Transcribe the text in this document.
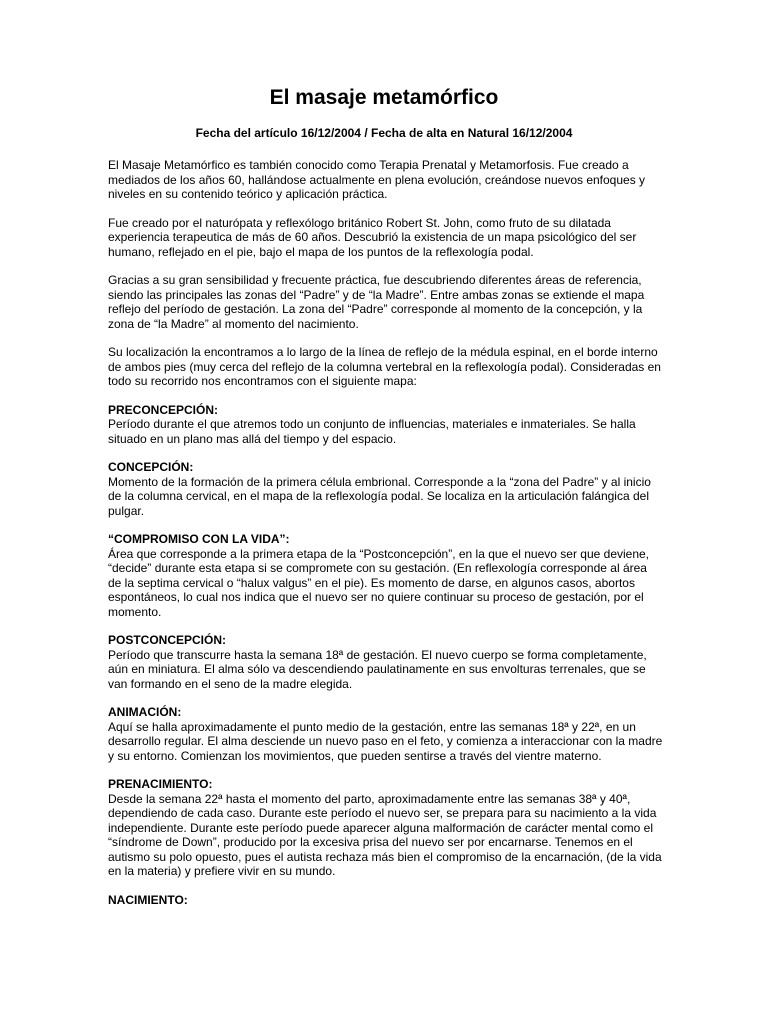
El masaje metamórfico
Fecha del artículo 16/12/2004 / Fecha de alta en Natural 16/12/2004

El Masaje Metamórfico es también conocido como Terapia Prenatal y Metamorfosis. Fue creado a mediados de los años 60, hallándose actualmente en plena evolución, creándose nuevos enfoques y niveles en su contenido teórico y aplicación práctica.

Fue creado por el naturópata y reflexólogo británico Robert St. John, como fruto de su dilatada experiencia terapeutica de más de 60 años. Descubrió la existencia de un mapa psicológico del ser humano, reflejado en el pie, bajo el mapa de los puntos de la reflexología podal.

Gracias a su gran sensibilidad y frecuente práctica, fue descubriendo diferentes áreas de referencia, siendo las principales las zonas del “Padre” y de “la Madre”. Entre ambas zonas se extiende el mapa reflejo del período de gestación. La zona del “Padre” corresponde al momento de la concepción, y la zona de “la Madre” al momento del nacimiento.

Su localización la encontramos a lo largo de la línea de reflejo de la médula espinal, en el borde interno de ambos pies (muy cerca del reflejo de la columna vertebral en la reflexología podal). Consideradas en todo su recorrido nos encontramos con el siguiente mapa:

PRECONCEPCIÓN:

Período durante el que atremos todo un conjunto de influencias, materiales e inmateriales. Se halla situado en un plano mas allá del tiempo y del espacio.

CONCEPCIÓN:

Momento de la formación de la primera célula embrional. Corresponde a la “zona del Padre” y al inicio de la columna cervical, en el mapa de la reflexología podal. Se localiza en la articulación falángica del pulgar.

“COMPROMISO CON LA VIDA”:

Área que corresponde a la primera etapa de la “Postconcepción”, en la que el nuevo ser que deviene, “decide” durante esta etapa si se compromete con su gestación. (En reflexología corresponde al área de la septima cervical o “halux valgus” en el pie). Es momento de darse, en algunos casos, abortos espontáneos, lo cual nos indica que el nuevo ser no quiere continuar su proceso de gestación, por el momento.

POSTCONCEPCIÓN:

Período que transcurre hasta la semana 18ª de gestación. El nuevo cuerpo se forma completamente, aún en miniatura. El alma sólo va descendiendo paulatinamente en sus envolturas terrenales, que se van formando en el seno de la madre elegida.

ANIMACIÓN:

Aquí se halla aproximadamente el punto medio de la gestación, entre las semanas 18ª y 22ª, en un desarrollo regular. El alma desciende un nuevo paso en el feto, y comienza a interaccionar con la madre y su entorno. Comienzan los movimientos, que pueden sentirse a través del vientre materno.

PRENACIMIENTO:

Desde la semana 22ª hasta el momento del parto, aproximadamente entre las semanas 38ª y 40ª, dependiendo de cada caso. Durante este período el nuevo ser, se prepara para su nacimiento a la vida independiente. Durante este período puede aparecer alguna malformación de carácter mental como el “síndrome de Down”, producido por la excesiva prisa del nuevo ser por encarnarse. Tenemos en el autismo su polo opuesto, pues el autista rechaza más bien el compromiso de la encarnación, (de la vida en la materia) y prefiere vivir en su mundo.

NACIMIENTO:
